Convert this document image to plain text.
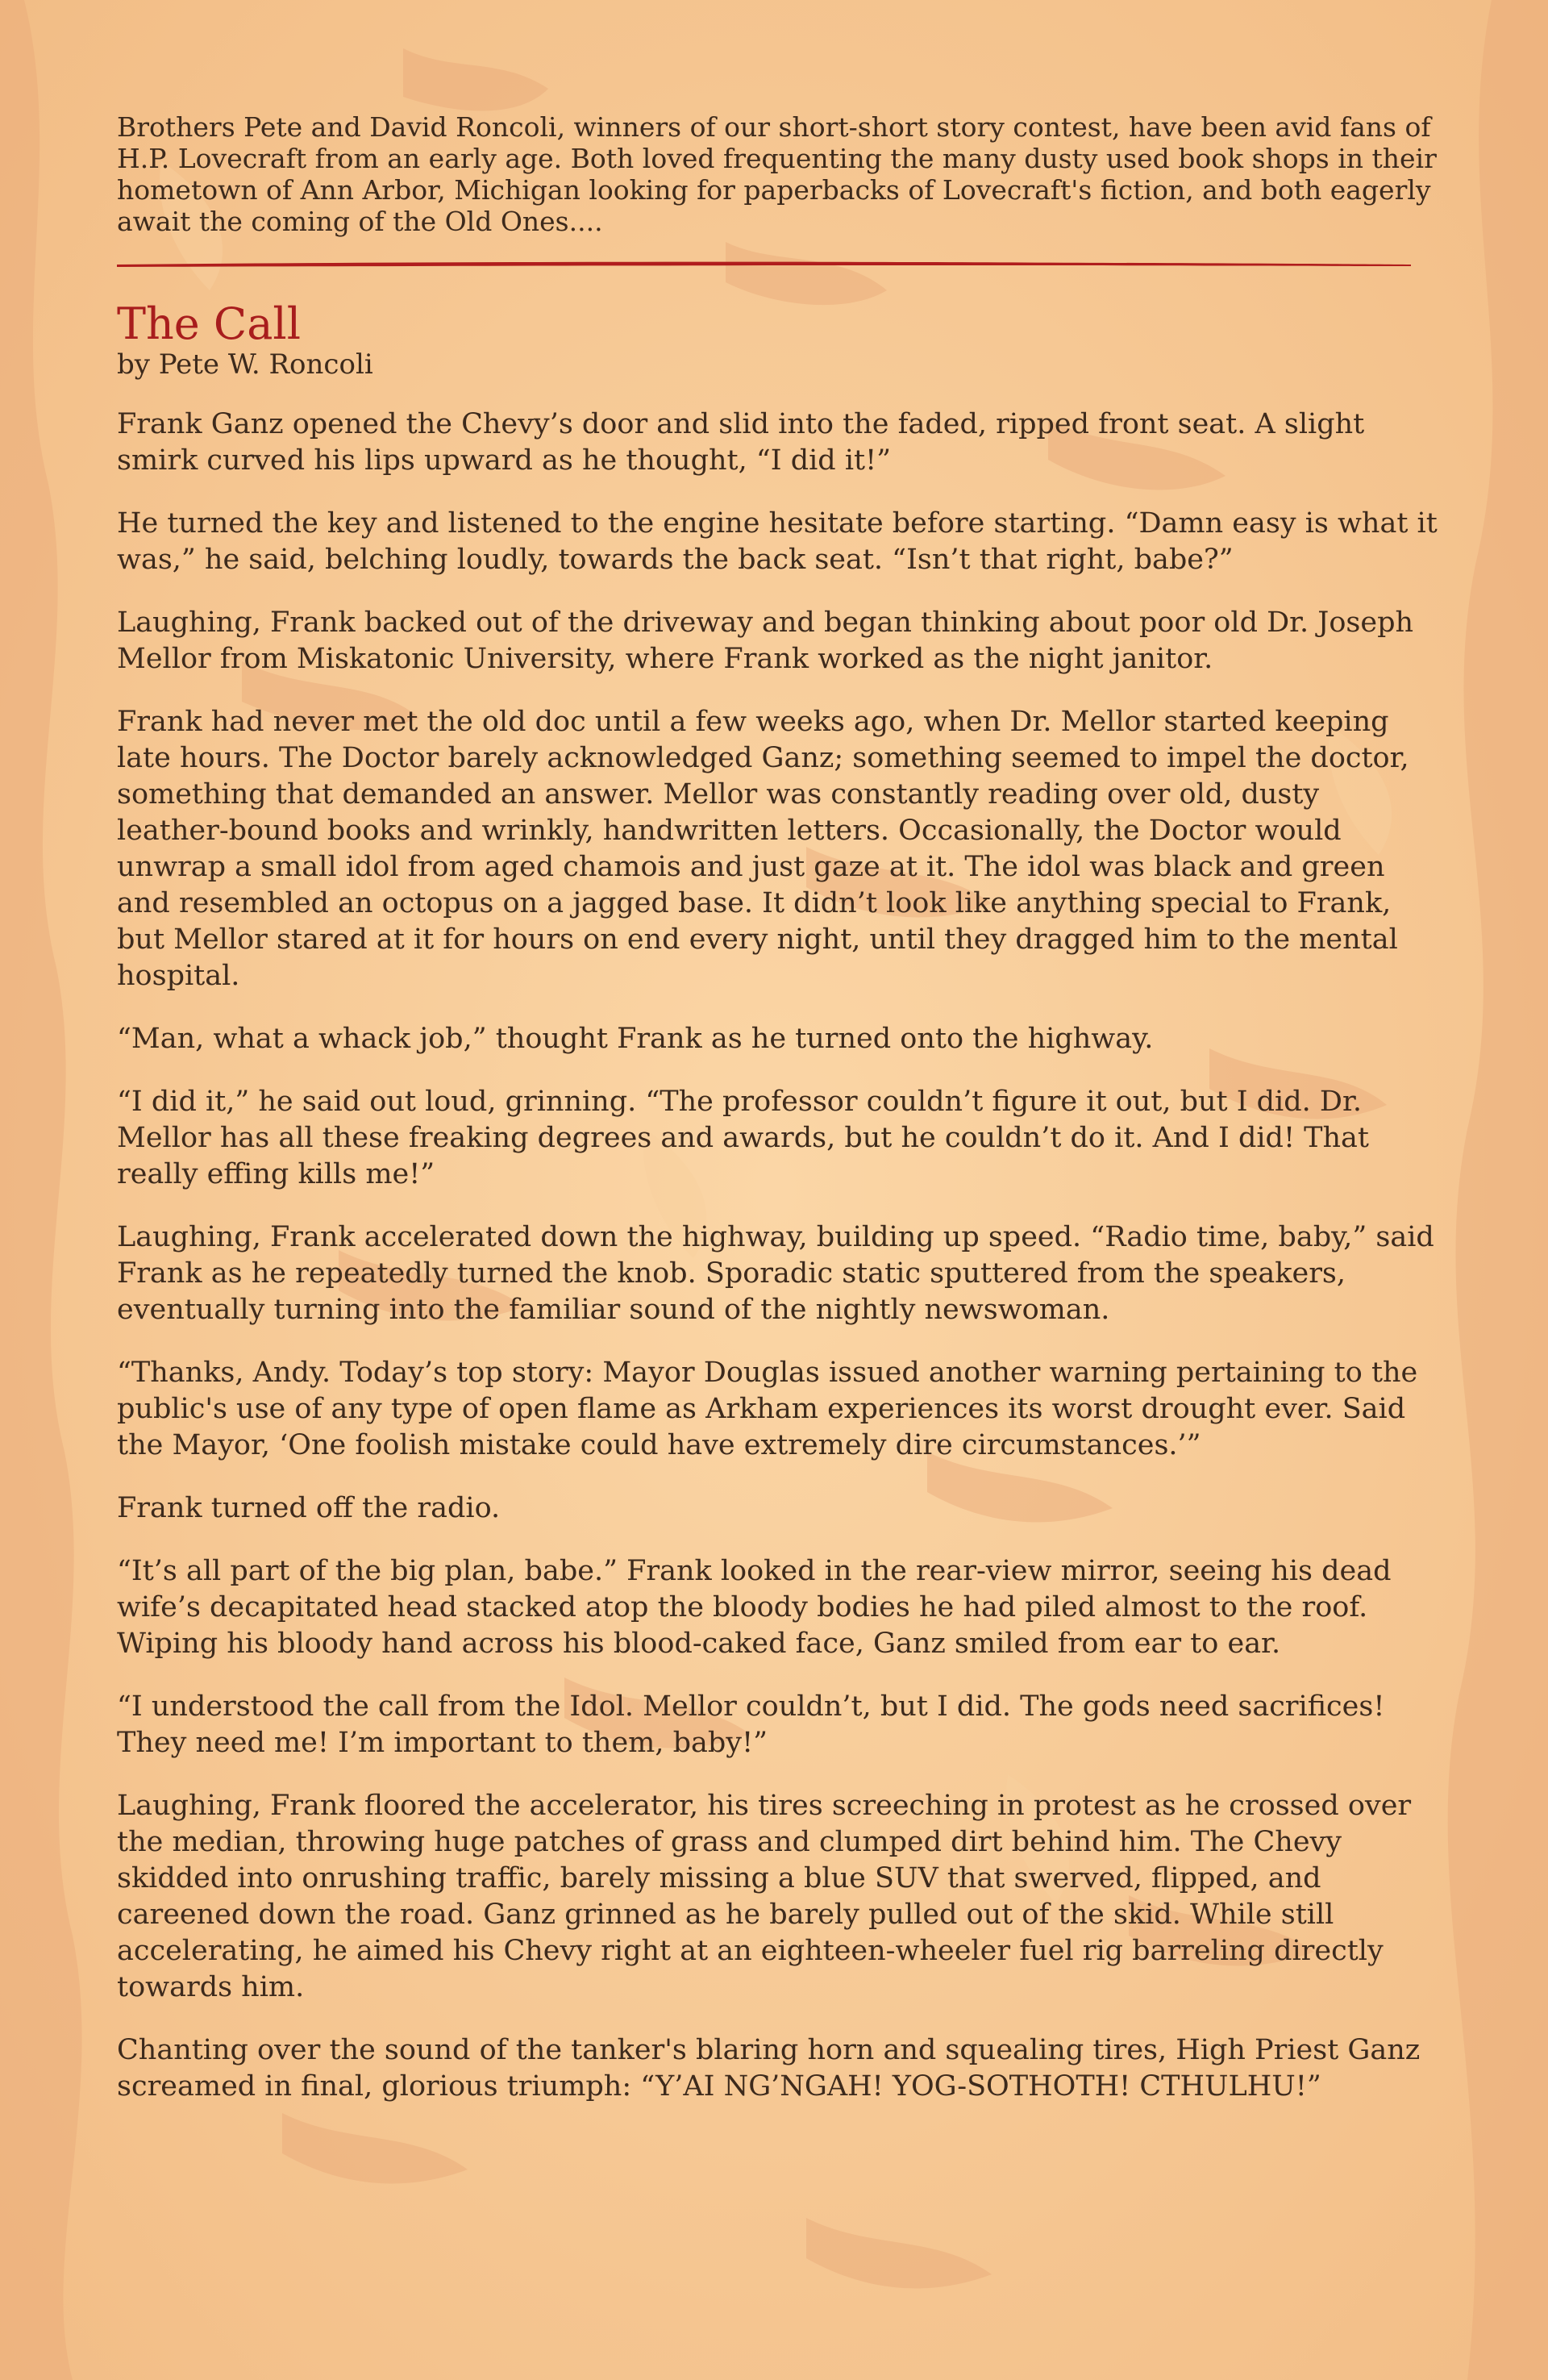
Brothers Pete and David Roncoli, winners of our short-short story contest, have been avid fans of H.P. Lovecraft from an early age. Both loved frequenting the many dusty used book shops in their hometown of Ann Arbor, Michigan looking for paperbacks of Lovecraft's fiction, and both eagerly await the coming of the Old Ones....

The Call

by Pete W. Roncoli

Frank Ganz opened the Chevy’s door and slid into the faded, ripped front seat. A slight smirk curved his lips upward as he thought, “I did it!”

He turned the key and listened to the engine hesitate before starting. “Damn easy is what it was,” he said, belching loudly, towards the back seat. “Isn’t that right, babe?”

Laughing, Frank backed out of the driveway and began thinking about poor old Dr. Joseph Mellor from Miskatonic University, where Frank worked as the night janitor.

Frank had never met the old doc until a few weeks ago, when Dr. Mellor started keeping late hours. The Doctor barely acknowledged Ganz; something seemed to impel the doctor, something that demanded an answer. Mellor was constantly reading over old, dusty leather-bound books and wrinkly, handwritten letters. Occasionally, the Doctor would unwrap a small idol from aged chamois and just gaze at it. The idol was black and green and resembled an octopus on a jagged base. It didn’t look like anything special to Frank, but Mellor stared at it for hours on end every night, until they dragged him to the mental hospital.

“Man, what a whack job,” thought Frank as he turned onto the highway.

“I did it,” he said out loud, grinning. “The professor couldn’t figure it out, but I did. Dr. Mellor has all these freaking degrees and awards, but he couldn’t do it. And I did! That really effing kills me!”

Laughing, Frank accelerated down the highway, building up speed. “Radio time, baby,” said Frank as he repeatedly turned the knob. Sporadic static sputtered from the speakers, eventually turning into the familiar sound of the nightly newswoman.

“Thanks, Andy. Today’s top story: Mayor Douglas issued another warning pertaining to the public's use of any type of open flame as Arkham experiences its worst drought ever. Said the Mayor, ‘One foolish mistake could have extremely dire circumstances.’”

Frank turned off the radio.

“It’s all part of the big plan, babe.” Frank looked in the rear-view mirror, seeing his dead wife’s decapitated head stacked atop the bloody bodies he had piled almost to the roof. Wiping his bloody hand across his blood-caked face, Ganz smiled from ear to ear.

“I understood the call from the Idol. Mellor couldn’t, but I did. The gods need sacrifices! They need me! I’m important to them, baby!”

Laughing, Frank floored the accelerator, his tires screeching in protest as he crossed over the median, throwing huge patches of grass and clumped dirt behind him. The Chevy skidded into onrushing traffic, barely missing a blue SUV that swerved, flipped, and careened down the road. Ganz grinned as he barely pulled out of the skid. While still accelerating, he aimed his Chevy right at an eighteen-wheeler fuel rig barreling directly towards him.

Chanting over the sound of the tanker's blaring horn and squealing tires, High Priest Ganz screamed in final, glorious triumph: “Y’AI NG’NGAH! YOG-SOTHOTH! CTHULHU!”
